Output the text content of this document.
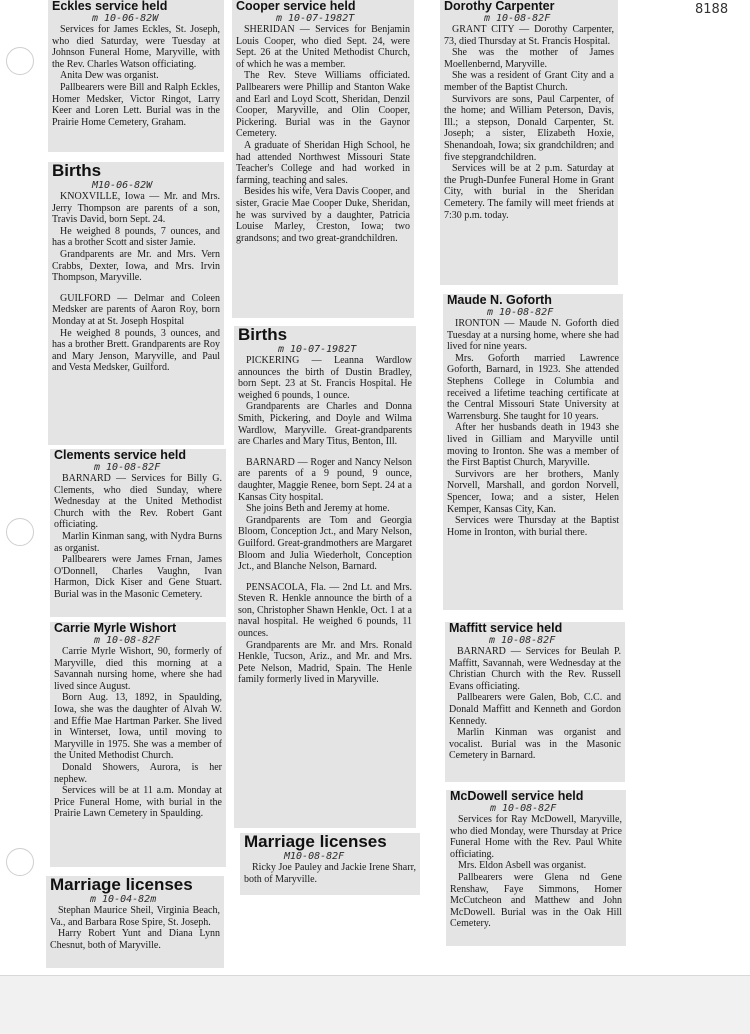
8188
Eckles service held
m 10-06-82W

Services for James Eckles, St. Joseph, who died Saturday, were Tuesday at Johnson Funeral Home, Maryville, with the Rev. Charles Watson officiating.

Anita Dew was organist.

Pallbearers were Bill and Ralph Eckles, Homer Medsker, Victor Ringot, Larry Keer and Loren Lett. Burial was in the Prairie Home Cemetery, Graham.

Births
M10-06-82W

KNOXVILLE, Iowa — Mr. and Mrs. Jerry Thompson are parents of a son, Travis David, born Sept. 24.

He weighed 8 pounds, 7 ounces, and has a brother Scott and sister Jamie.

Grandparents are Mr. and Mrs. Vern Crabbs, Dexter, Iowa, and Mrs. Irvin Thompson, Maryville.

GUILFORD — Delmar and Coleen Medsker are parents of Aaron Roy, born Monday at at St. Joseph Hospital

He weighed 8 pounds, 3 ounces, and has a brother Brett. Grandparents are Roy and Mary Jenson, Maryville, and Paul and Vesta Medsker, Guilford.

Clements service held
m 10-08-82F

BARNARD — Services for Billy G. Clements, who died Sunday, where Wednesday at the United Methodist Church with the Rev. Robert Gant officiating.

Marlin Kinman sang, with Nydra Burns as organist.

Pallbearers were James Frnan, James O'Donnell, Charles Vaughn, Ivan Harmon, Dick Kiser and Gene Stuart. Burial was in the Masonic Cemetery.

Carrie Myrle Wishort
m 10-08-82F

Carrie Myrle Wishort, 90, formerly of Maryville, died this morning at a Savannah nursing home, where she had lived since August.

Born Aug. 13, 1892, in Spaulding, Iowa, she was the daughter of Alvah W. and Effie Mae Hartman Parker. She lived in Winterset, Iowa, until moving to Maryville in 1975. She was a member of the United Methodist Church.

Donald Showers, Aurora, is her nephew.

Services will be at 11 a.m. Monday at Price Funeral Home, with burial in the Prairie Lawn Cemetery in Spaulding.

Marriage licenses
m 10-04-82m

Stephan Maurice Sheil, Virginia Beach, Va., and Barbara Rose Spire, St. Joseph.

Harry Robert Yunt and Diana Lynn Chesnut, both of Maryville.

Cooper service held
m 10-07-1982T

SHERIDAN — Services for Benjamin Louis Cooper, who died Sept. 24, were Sept. 26 at the United Methodist Church, of which he was a member.

The Rev. Steve Williams officiated. Pallbearers were Phillip and Stanton Wake and Earl and Loyd Scott, Sheridan, Denzil Cooper, Maryville, and Olin Cooper, Pickering. Burial was in the Gaynor Cemetery.

A graduate of Sheridan High School, he had attended Northwest Missouri State Teacher's College and had worked in farming, teaching and sales.

Besides his wife, Vera Davis Cooper, and sister, Gracie Mae Cooper Duke, Sheridan, he was survived by a daughter, Patricia Louise Marley, Creston, Iowa; two grandsons; and two great-grandchildren.

Births
m 10-07-1982T

PICKERING — Leanna Wardlow announces the birth of Dustin Bradley, born Sept. 23 at St. Francis Hospital. He weighed 6 pounds, 1 ounce.

Grandparents are Charles and Donna Smith, Pickering, and Doyle and Wilma Wardlow, Maryville. Great-grandparents are Charles and Mary Titus, Benton, Ill.

BARNARD — Roger and Nancy Nelson are parents of a 9 pound, 9 ounce, daughter, Maggie Renee, born Sept. 24 at a Kansas City hospital.

She joins Beth and Jeremy at home.

Grandparents are Tom and Georgia Bloom, Conception Jct., and Mary Nelson, Guilford. Great-grandmothers are Margaret Bloom and Julia Wiederholt, Conception Jct., and Blanche Nelson, Barnard.

PENSACOLA, Fla. — 2nd Lt. and Mrs. Steven R. Henkle announce the birth of a son, Christopher Shawn Henkle, Oct. 1 at a naval hospital. He weighed 6 pounds, 11 ounces.

Grandparents are Mr. and Mrs. Ronald Henkle, Tucson, Ariz., and Mr. and Mrs. Pete Nelson, Madrid, Spain. The Henle family formerly lived in Maryville.

Marriage licenses
M10-08-82F

Ricky Joe Pauley and Jackie Irene Sharr, both of Maryville.

Dorothy Carpenter
m 10-08-82F

GRANT CITY — Dorothy Carpenter, 73, died Thursday at St. Francis Hospital.

She was the mother of James Moellenbernd, Maryville.

She was a resident of Grant City and a member of the Baptist Church.

Survivors are sons, Paul Carpenter, of the home; and William Peterson, Davis, Ill.; a stepson, Donald Carpenter, St. Joseph; a sister, Elizabeth Hoxie, Shenandoah, Iowa; six grandchildren; and five stepgrandchildren.

Services will be at 2 p.m. Saturday at the Prugh-Dunfee Funeral Home in Grant City, with burial in the Sheridan Cemetery. The family will meet friends at 7:30 p.m. today.

Maude N. Goforth
m 10-08-82F

IRONTON — Maude N. Goforth died Tuesday at a nursing home, where she had lived for nine years.

Mrs. Goforth married Lawrence Goforth, Barnard, in 1923. She attended Stephens College in Columbia and received a lifetime teaching certificate at the Central Missouri State University at Warrensburg. She taught for 10 years.

After her husbands death in 1943 she lived in Gilliam and Maryville until moving to Ironton. She was a member of the First Baptist Church, Maryville.

Survivors are her brothers, Manly Norvell, Marshall, and gordon Norvell, Spencer, Iowa; and a sister, Helen Kemper, Kansas City, Kan.

Services were Thursday at the Baptist Home in Ironton, with burial there.

Maffitt service held
m 10-08-82F

BARNARD — Services for Beulah P. Maffitt, Savannah, were Wednesday at the Christian Church with the Rev. Russell Evans officiating.

Pallbearers were Galen, Bob, C.C. and Donald Maffitt and Kenneth and Gordon Kennedy.

Marlin Kinman was organist and vocalist. Burial was in the Masonic Cemetery in Barnard.

McDowell service held
m 10-08-82F

Services for Ray McDowell, Maryville, who died Monday, were Thursday at Price Funeral Home with the Rev. Paul White officiating.

Mrs. Eldon Asbell was organist.

Pallbearers were Glena nd Gene Renshaw, Faye Simmons, Homer McCutcheon and Matthew and John McDowell. Burial was in the Oak Hill Cemetery.
